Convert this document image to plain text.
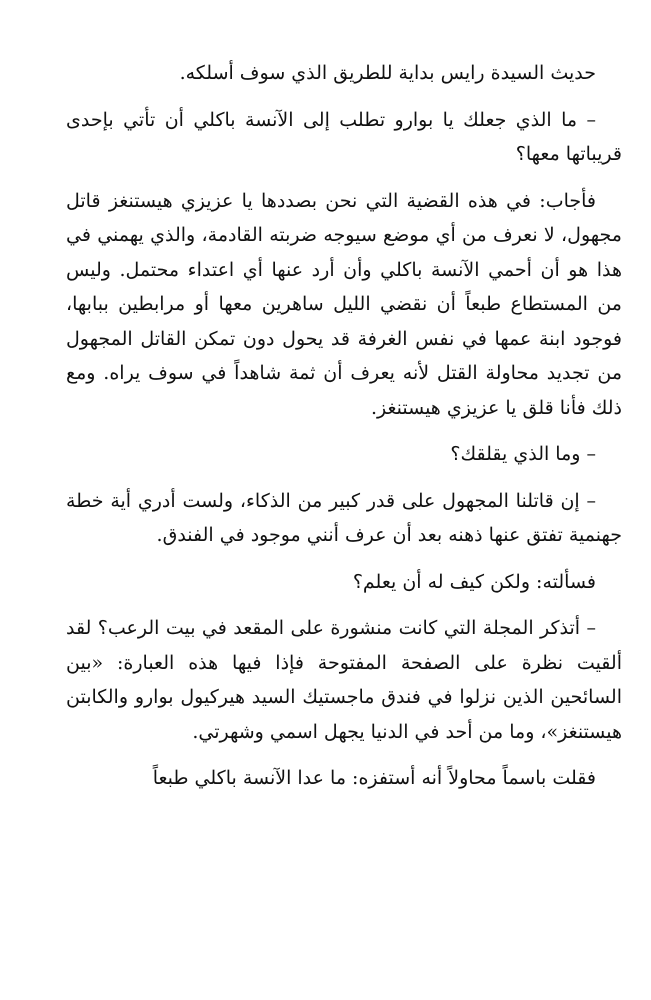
حديث السيدة رايس بداية للطريق الذي سوف أسلكه.

– ما الذي جعلك يا بوارو تطلب إلى الآنسة باكلي أن تأتي بإحدى قريباتها معها؟

فأجاب: في هذه القضية التي نحن بصددها يا عزيزي هيستنغز قاتل مجهول، لا نعرف من أي موضع سيوجه ضربته القادمة، والذي يهمني في هذا هو أن أحمي الآنسة باكلي وأن أرد عنها أي اعتداء محتمل. وليس من المستطاع طبعاً أن نقضي الليل ساهرين معها أو مرابطين ببابها، فوجود ابنة عمها في نفس الغرفة قد يحول دون تمكن القاتل المجهول من تجديد محاولة القتل لأنه يعرف أن ثمة شاهداً في سوف يراه. ومع ذلك فأنا قلق يا عزيزي هيستنغز.

– وما الذي يقلقك؟

– إن قاتلنا المجهول على قدر كبير من الذكاء، ولست أدري أية خطة جهنمية تفتق عنها ذهنه بعد أن عرف أنني موجود في الفندق.

فسألته: ولكن كيف له أن يعلم؟

– أتذكر المجلة التي كانت منشورة على المقعد في بيت الرعب؟ لقد ألقيت نظرة على الصفحة المفتوحة فإذا فيها هذه العبارة: «بين السائحين الذين نزلوا في فندق ماجستيك السيد هيركيول بوارو والكابتن هيستنغز»، وما من أحد في الدنيا يجهل اسمي وشهرتي.

فقلت باسماً محاولاً أنه أستفزه: ما عدا الآنسة باكلي طبعاً
